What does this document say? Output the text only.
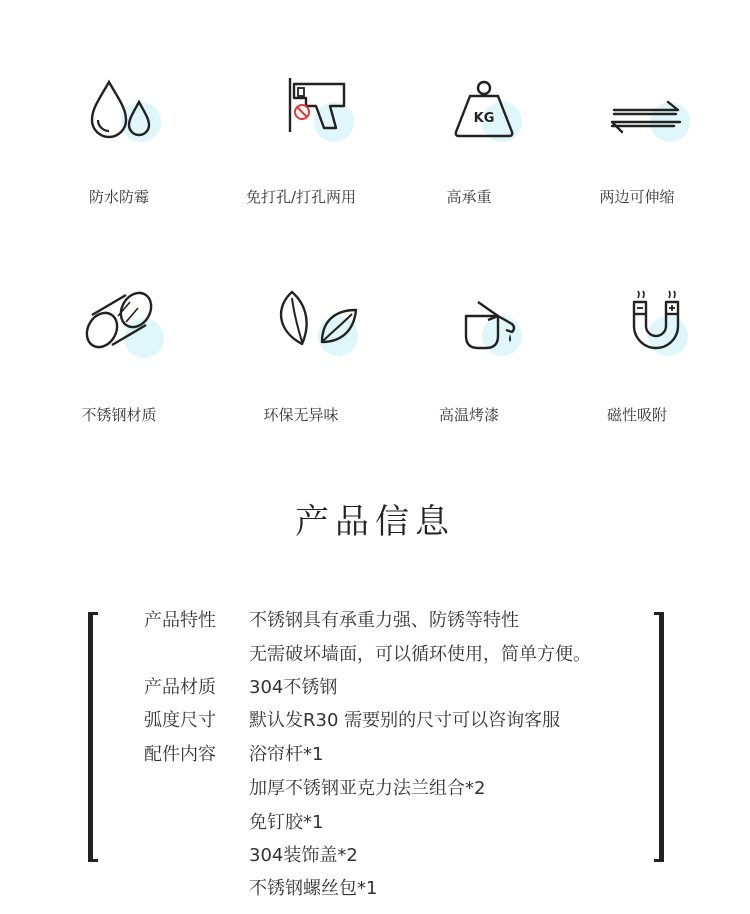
防水防霉	免打孔/打孔两用
KG
高承重	两边可伸缩
不锈钢材质	环保无异味	高温烤漆	磁性吸附
产品信息
产品特性 不锈钢具有承重力强、防锈等特性
无需破坏墙面，可以循环使用，简单方便。
产品材质 304不锈钢
弧度尺寸 默认发R30 需要别的尺寸可以咨询客服
配件内容 浴帘杆*1
加厚不锈钢亚克力法兰组合*2
免钉胶*1
304装饰盖*2
不锈钢螺丝包*1
